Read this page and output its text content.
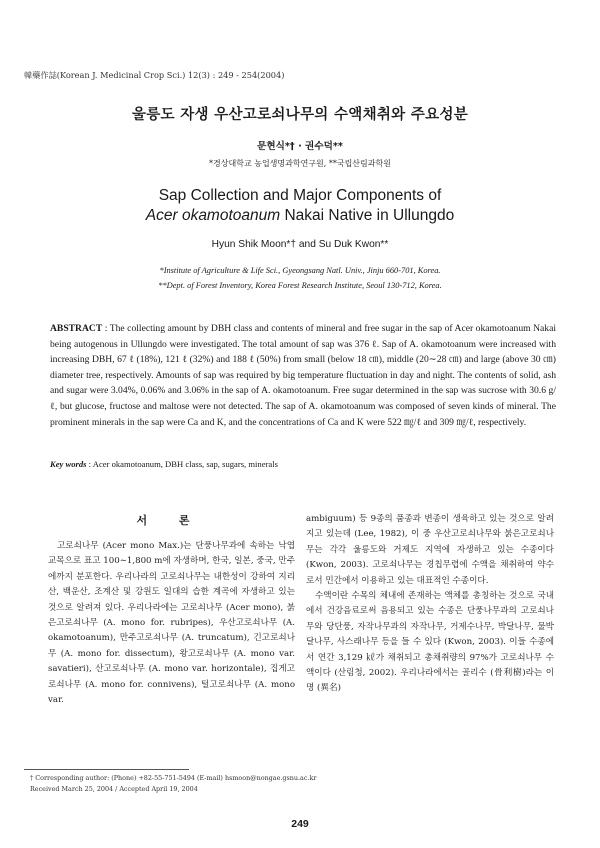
韓藥作誌(Korean J. Medicinal Crop Sci.) 12(3) : 249 - 254(2004)
울릉도 자생 우산고로쇠나무의 수액채취와 주요성분
문현식*† · 권수덕**
*경상대학교 농업생명과학연구원, **국립산림과학원
Sap Collection and Major Components of
Acer okamotoanum Nakai Native in Ullungdo
Hyun Shik Moon*† and Su Duk Kwon**
*Institute of Agriculture & Life Sci., Gyeongsang Natl. Univ., Jinju 660-701, Korea.
**Dept. of Forest Inventory, Korea Forest Research Institute, Seoul 130-712, Korea.
ABSTRACT : The collecting amount by DBH class and contents of mineral and free sugar in the sap of Acer okamotoanum Nakai being autogenous in Ullungdo were investigated. The total amount of sap was 376 ℓ. Sap of A. okamotoanum were increased with increasing DBH, 67 ℓ (18%), 121 ℓ (32%) and 188 ℓ (50%) from small (below 18 ㎝), middle (20∼28 ㎝) and large (above 30 ㎝) diameter tree, respectively. Amounts of sap was required by big temperature fluctuation in day and night. The contents of solid, ash and sugar were 3.04%, 0.06% and 3.06% in the sap of A. okamotoanum. Free sugar determined in the sap was sucrose with 30.6 g/ℓ, but glucose, fructose and maltose were not detected. The sap of A. okamotoanum was composed of seven kinds of mineral. The prominent minerals in the sap were Ca and K, and the concentrations of Ca and K were 522 ㎎/ℓ and 309 ㎎/ℓ, respectively.
Key words : Acer okamotoanum, DBH class, sap, sugars, minerals
서 론
고로쇠나무 (Acer mono Max.)는 단풍나무과에 속하는 낙엽교목으로 표고 100∼1,800 m에 자생하며, 한국, 일본, 중국, 만주에까지 분포한다. 우리나라의 고로쇠나무는 내한성이 강하여 지리산, 백운산, 조계산 및 강원도 일대의 습한 계곡에 자생하고 있는 것으로 알려져 있다. 우리나라에는 고로쇠나무 (Acer mono), 붉은고로쇠나무 (A. mono for. rubripes), 우산고로쇠나무 (A. okamotoanum), 만주고로쇠나무 (A. truncatum), 긴고로쇠나무 (A. mono for. dissectum), 왕고로쇠나무 (A. mono var. savatieri), 산고로쇠나무 (A. mono var. horizontale), 집게고로쇠나무 (A. mono for. connivens), 털고로쇠나무 (A. mono var.

ambiguum) 등 9종의 품종과 변종이 생육하고 있는 것으로 알려지고 있는데 (Lee, 1982), 이 중 우산고로쇠나무와 붉은고로쇠나무는 각각 울릉도와 거제도 지역에 자생하고 있는 수종이다 (Kwon, 2003). 고로쇠나무는 경칩무렵에 수액을 채취하여 약수로서 민간에서 이용하고 있는 대표적인 수종이다.

수액이란 수목의 체내에 존재하는 액체를 총칭하는 것으로 국내에서 건강음료로써 음용되고 있는 수종은 단풍나무과의 고로쇠나무와 당단풍, 자작나무과의 자작나무, 거제수나무, 박달나무, 물박달나무, 사스래나무 등을 들 수 있다 (Kwon, 2003). 이들 수종에서 연간 3,129 ㎘가 채취되고 총채취량의 97%가 고로쇠나무 수액이다 (산림청, 2002). 우리나라에서는 골리수 (骨利樹)라는 이명 (異名)

† Corresponding author: (Phone) +82-55-751-5494 (E-mail) hsmoon@nongae.gsnu.ac.kr
Received March 25, 2004 / Accepted April 19, 2004
249
